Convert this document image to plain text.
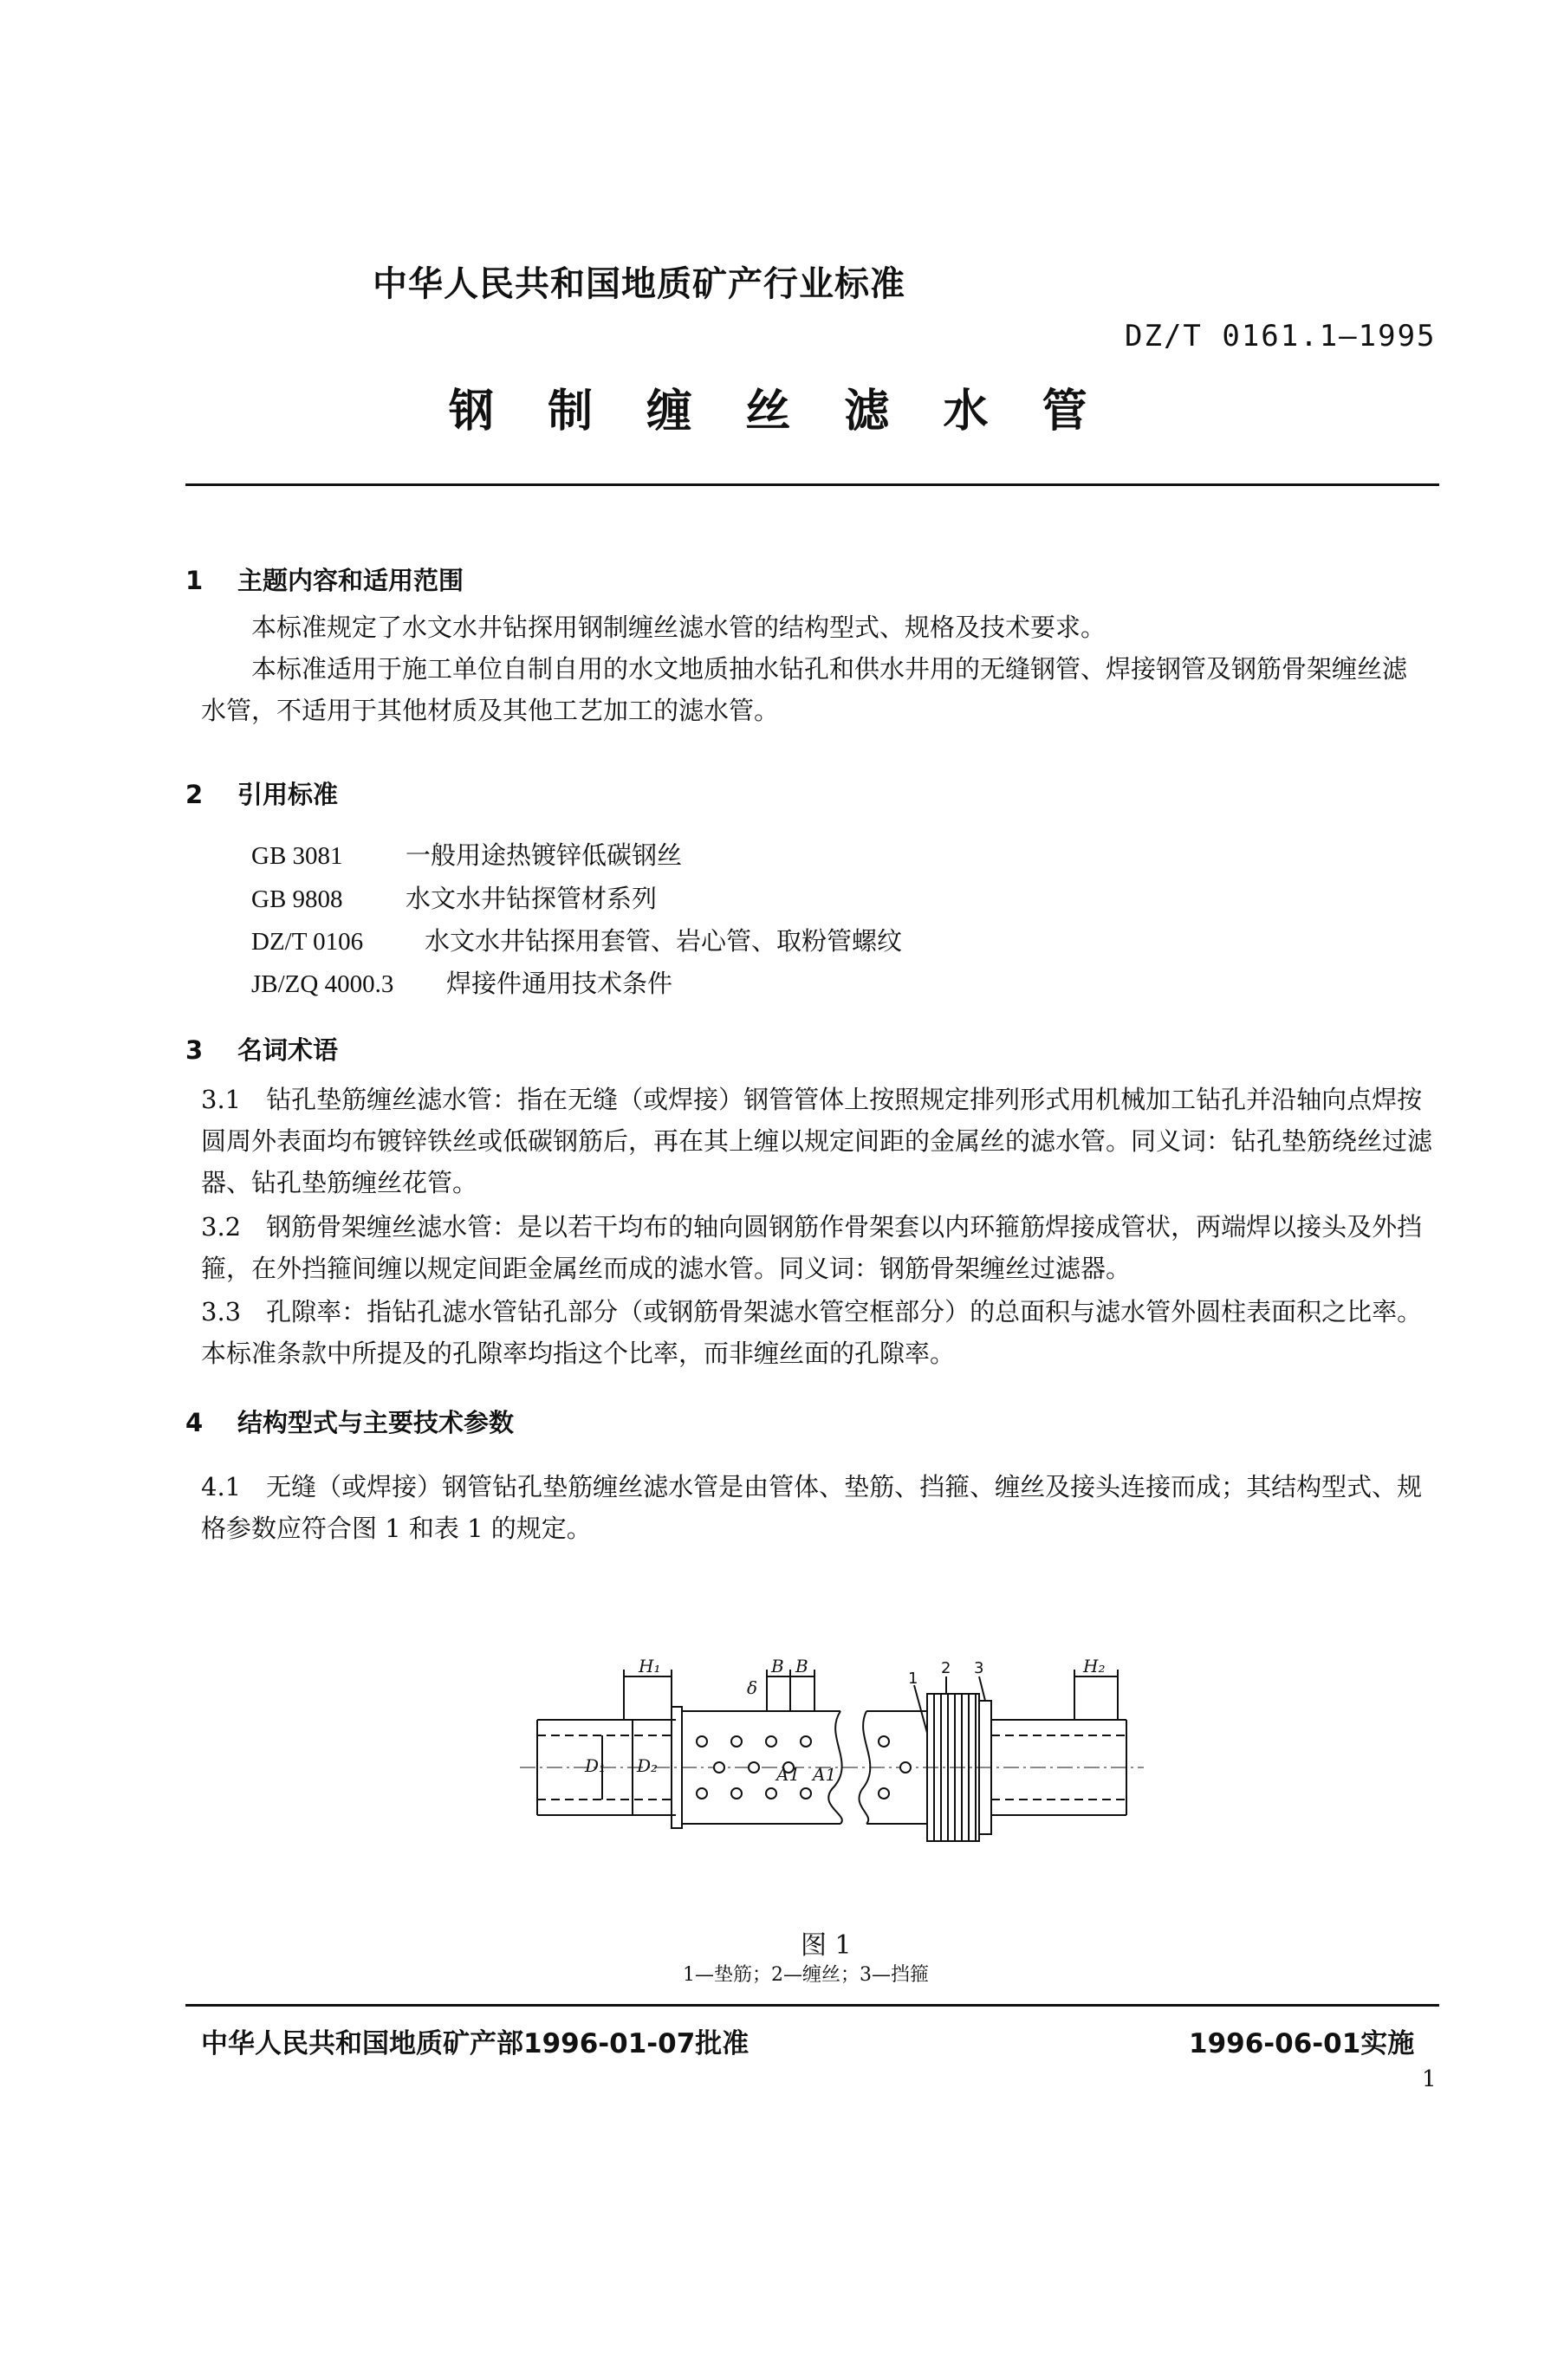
中华人民共和国地质矿产行业标准
DZ/T 0161.1—1995
钢 制 缠 丝 滤 水 管
1 主题内容和适用范围
本标准规定了水文水井钻探用钢制缠丝滤水管的结构型式、规格及技术要求。
本标准适用于施工单位自制自用的水文地质抽水钻孔和供水井用的无缝钢管、焊接钢管及钢筋骨架缠丝滤水管，不适用于其他材质及其他工艺加工的滤水管。
2 引用标准
GB 3081 一般用途热镀锌低碳钢丝
GB 9808 水文水井钻探管材系列
DZ/T 0106 水文水井钻探用套管、岩心管、取粉管螺纹
JB/ZQ 4000.3 焊接件通用技术条件
3 名词术语
3.1　钻孔垫筋缠丝滤水管：指在无缝（或焊接）钢管管体上按照规定排列形式用机械加工钻孔并沿轴向点焊按圆周外表面均布镀锌铁丝或低碳钢筋后，再在其上缠以规定间距的金属丝的滤水管。同义词：钻孔垫筋绕丝过滤器、钻孔垫筋缠丝花管。
3.2　钢筋骨架缠丝滤水管：是以若干均布的轴向圆钢筋作骨架套以内环箍筋焊接成管状，两端焊以接头及外挡箍，在外挡箍间缠以规定间距金属丝而成的滤水管。同义词：钢筋骨架缠丝过滤器。
3.3　孔隙率：指钻孔滤水管钻孔部分（或钢筋骨架滤水管空框部分）的总面积与滤水管外圆柱表面积之比率。本标准条款中所提及的孔隙率均指这个比率，而非缠丝面的孔隙率。
4 结构型式与主要技术参数
4.1　无缝（或焊接）钢管钻孔垫筋缠丝滤水管是由管体、垫筋、挡箍、缠丝及接头连接而成；其结构型式、规格参数应符合图 1 和表 1 的规定。
H₁	H₂
B B
δ
D₁ D₂	A1 A1
1
2 3
图 1
1—垫筋；2—缠丝；3—挡箍
中华人民共和国地质矿产部1996-01-07批准	1996-06-01实施
1
